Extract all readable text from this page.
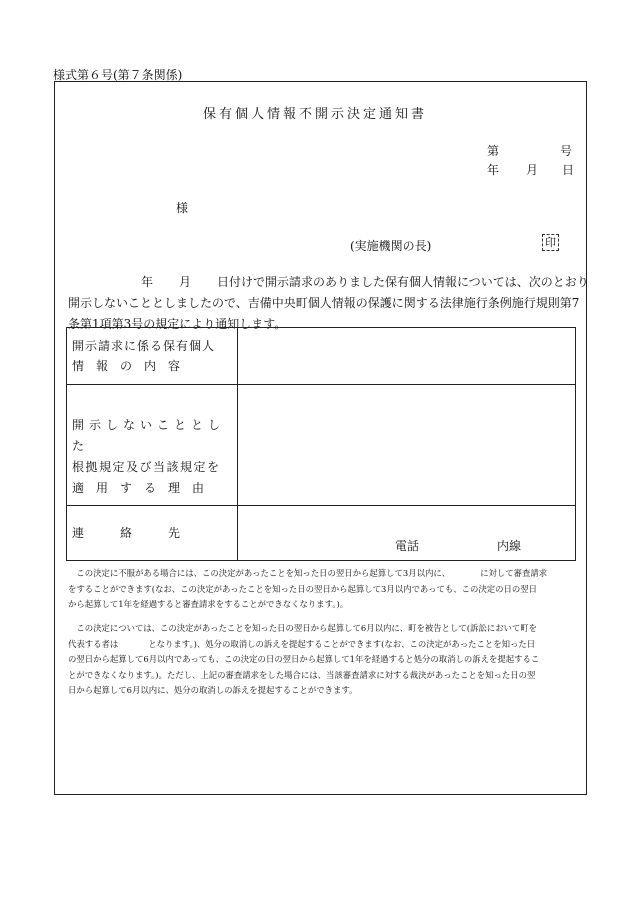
様式第６号(第７条関係)
保有個人情報不開示決定通知書
第	号
年 月 日
様
(実施機関の長)	印
年 月 日付けで開示請求のありました保有個人情報については、次のとおり
開示しないこととしましたので、吉備中央町個人情報の保護に関する法律施行条例施行規則第7
条第1項第3号の規定により通知します。
開示請求に係る保有個人
情　報　の　内　容
開示しないこととした
根拠規定及び当該規定を
適　用　す　る　理　由
連　　　絡　　　先
電話	内線
　この決定に不服がある場合には、この決定があったことを知った日の翌日から起算して3月以内に、	に対して審査請求
をすることができます(なお、この決定があったことを知った日の翌日から起算して3月以内であっても、この決定の日の翌日
から起算して1年を経過すると審査請求をすることができなくなります。)。
　この決定については、この決定があったことを知った日の翌日から起算して6月以内に、町を被告として(訴訟において町を
代表する者は	となります。)、処分の取消しの訴えを提起することができます(なお、この決定があったことを知った日
の翌日から起算して6月以内であっても、この決定の日の翌日から起算して1年を経過すると処分の取消しの訴えを提起するこ
とができなくなります。)。ただし、上記の審査請求をした場合には、当該審査請求に対する裁決があったことを知った日の翌
日から起算して6月以内に、処分の取消しの訴えを提起することができます。
